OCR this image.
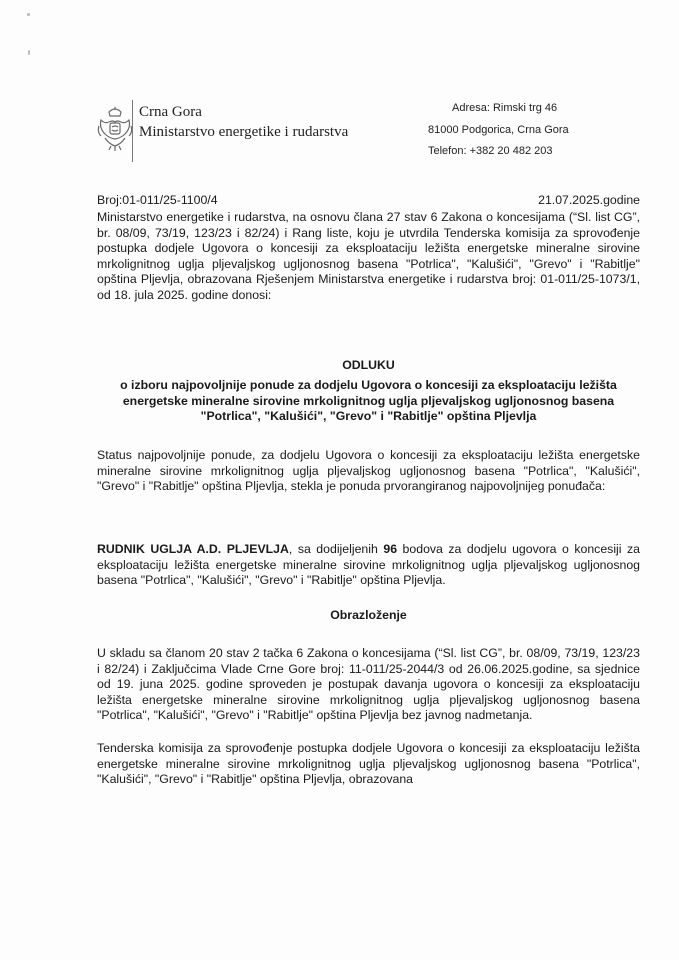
Crna Gora
Ministarstvo energetike i rudarstva
Adresa: Rimski trg 46
81000 Podgorica, Crna Gora
Telefon: +382 20 482 203
Broj:01-011/25-1100/4	21.07.2025.godine
Ministarstvo energetike i rudarstva, na osnovu člana 27 stav 6 Zakona o koncesijama (“Sl. list CG”, br. 08/09, 73/19, 123/23 i 82/24) i Rang liste, koju je utvrdila Tenderska komisija za sprovođenje postupka dodjele Ugovora o koncesiji za eksploataciju ležišta energetske mineralne sirovine mrkolignitnog uglja pljevaljskog ugljonosnog basena "Potrlica", "Kalušići", "Grevo" i "Rabitlje" opština Pljevlja, obrazovana Rješenjem Ministarstva energetike i rudarstva broj: 01-011/25-1073/1, od 18. jula 2025. godine donosi:
ODLUKU
o izboru najpovoljnije ponude za dodjelu Ugovora o koncesiji za eksploataciju ležišta energetske mineralne sirovine mrkolignitnog uglja pljevaljskog ugljonosnog basena "Potrlica", "Kalušići", "Grevo" i "Rabitlje" opština Pljevlja
Status najpovoljnije ponude, za dodjelu Ugovora o koncesiji za eksploataciju ležišta energetske mineralne sirovine mrkolignitnog uglja pljevaljskog ugljonosnog basena "Potrlica", "Kalušići", "Grevo" i "Rabitlje" opština Pljevlja, stekla je ponuda prvorangiranog najpovoljnijeg ponuđača:
RUDNIK UGLJA A.D. PLJEVLJA, sa dodijeljenih 96 bodova za dodjelu ugovora o koncesiji za eksploataciju ležišta energetske mineralne sirovine mrkolignitnog uglja pljevaljskog ugljonosnog basena "Potrlica", "Kalušići", "Grevo" i "Rabitlje" opština Pljevlja.
Obrazloženje
U skladu sa članom 20 stav 2 tačka 6 Zakona o koncesijama (“Sl. list CG”, br. 08/09, 73/19, 123/23 i 82/24) i Zaključcima Vlade Crne Gore broj: 11-011/25-2044/3 od 26.06.2025.godine, sa sjednice od 19. juna 2025. godine sproveden je postupak davanja ugovora o koncesiji za eksploataciju ležišta energetske mineralne sirovine mrkolignitnog uglja pljevaljskog ugljonosnog basena "Potrlica", "Kalušići", "Grevo" i "Rabitlje" opština Pljevlja bez javnog nadmetanja.
Tenderska komisija za sprovođenje postupka dodjele Ugovora o koncesiji za eksploataciju ležišta energetske mineralne sirovine mrkolignitnog uglja pljevaljskog ugljonosnog basena "Potrlica", "Kalušići", "Grevo" i "Rabitlje" opština Pljevlja, obrazovana
